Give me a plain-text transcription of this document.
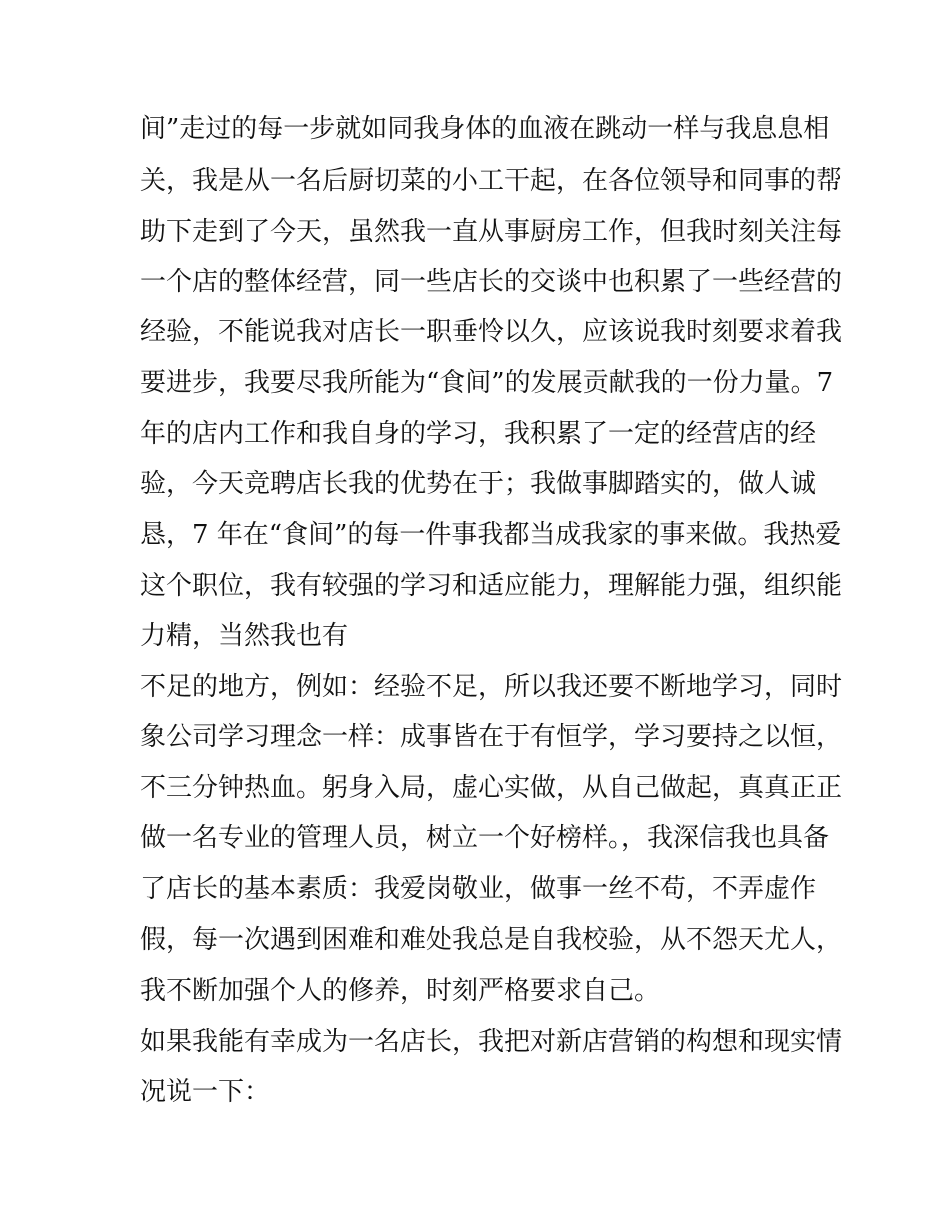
间”走过的每一步就如同我身体的血液在跳动一样与我息息相

关，我是从一名后厨切菜的小工干起，在各位领导和同事的帮

助下走到了今天，虽然我一直从事厨房工作，但我时刻关注每

一个店的整体经营，同一些店长的交谈中也积累了一些经营的

经验，不能说我对店长一职垂怜以久，应该说我时刻要求着我

要进步，我要尽我所能为“食间”的发展贡献我的一份力量。7

年的店内工作和我自身的学习，我积累了一定的经营店的经

验，今天竞聘店长我的优势在于；我做事脚踏实的，做人诚

恳，7 年在“食间”的每一件事我都当成我家的事来做。我热爱

这个职位，我有较强的学习和适应能力，理解能力强，组织能

力精，当然我也有

不足的地方，例如：经验不足，所以我还要不断地学习，同时

象公司学习理念一样：成事皆在于有恒学，学习要持之以恒，

不三分钟热血。躬身入局，虚心实做，从自己做起，真真正正

做一名专业的管理人员，树立一个好榜样。，我深信我也具备

了店长的基本素质：我爱岗敬业，做事一丝不苟，不弄虚作

假，每一次遇到困难和难处我总是自我校验，从不怨天尤人，

我不断加强个人的修养，时刻严格要求自己。

如果我能有幸成为一名店长，我把对新店营销的构想和现实情

况说一下：
